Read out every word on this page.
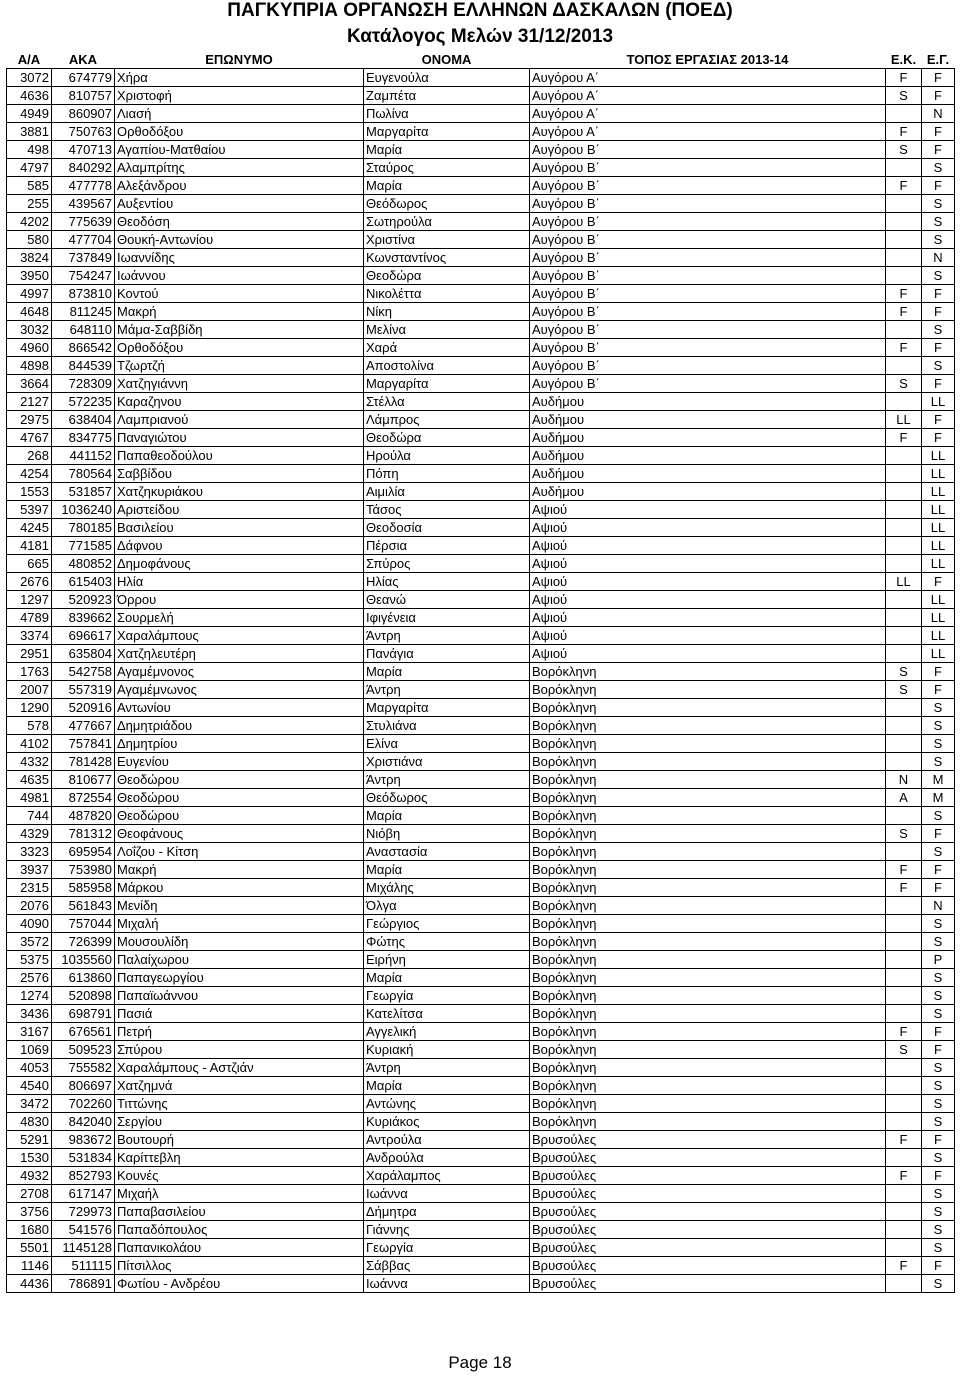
ΠΑΓΚΥΠΡΙΑ ΟΡΓΑΝΩΣΗ ΕΛΛΗΝΩΝ ΔΑΣΚΑΛΩΝ (ΠΟΕΔ)
Κατάλογος Μελών 31/12/2013
Α/Α	ΑΚΑ	ΕΠΩΝΥΜΟ	ΟΝΟΜΑ	ΤΟΠΟΣ ΕΡΓΑΣΙΑΣ 2013-14	Ε.Κ.	Ε.Γ.
3072	674779	Χήρα	Ευγενούλα	Αυγόρου Α΄	F	F
4636	810757	Χριστοφή	Ζαμπέτα	Αυγόρου Α΄	S	F
4949	860907	Λιασή	Πωλίνα	Αυγόρου Α΄		N
3881	750763	Ορθοδόξου	Μαργαρίτα	Αυγόρου Α΄	F	F
498	470713	Αγαπίου-Ματθαίου	Μαρία	Αυγόρου Β΄	S	F
4797	840292	Αλαμπρίτης	Σταύρος	Αυγόρου Β΄		S
585	477778	Αλεξάνδρου	Μαρία	Αυγόρου Β΄	F	F
255	439567	Αυξεντίου	Θεόδωρος	Αυγόρου Β΄		S
4202	775639	Θεοδόση	Σωτηρούλα	Αυγόρου Β΄		S
580	477704	Θουκή-Αντωνίου	Χριστίνα	Αυγόρου Β΄		S
3824	737849	Ιωαννίδης	Κωνσταντίνος	Αυγόρου Β΄		N
3950	754247	Ιωάννου	Θεοδώρα	Αυγόρου Β΄		S
4997	873810	Κοντού	Νικολέττα	Αυγόρου Β΄	F	F
4648	811245	Μακρή	Νίκη	Αυγόρου Β΄	F	F
3032	648110	Μάμα-Σαββίδη	Μελίνα	Αυγόρου Β΄		S
4960	866542	Ορθοδόξου	Χαρά	Αυγόρου Β΄	F	F
4898	844539	Τζωρτζή	Αποστολίνα	Αυγόρου Β΄		S
3664	728309	Χατζηγιάννη	Μαργαρίτα	Αυγόρου Β΄	S	F
2127	572235	Καραζηνου	Στέλλα	Αυδήμου		LL
2975	638404	Λαμπριανού	Λάμπρος	Αυδήμου	LL	F
4767	834775	Παναγιώτου	Θεοδώρα	Αυδήμου	F	F
268	441152	Παπαθεοδούλου	Ηρούλα	Αυδήμου		LL
4254	780564	Σαββίδου	Πόπη	Αυδήμου		LL
1553	531857	Χατζηκυριάκου	Αιμιλία	Αυδήμου		LL
5397	1036240	Αριστείδου	Τάσος	Αψιού		LL
4245	780185	Βασιλείου	Θεοδοσία	Αψιού		LL
4181	771585	Δάφνου	Πέρσια	Αψιού		LL
665	480852	Δημοφάνους	Σπύρος	Αψιού		LL
2676	615403	Ηλία	Ηλίας	Αψιού	LL	F
1297	520923	Όρρου	Θεανώ	Αψιού		LL
4789	839662	Σουρμελή	Ιφιγένεια	Αψιού		LL
3374	696617	Χαραλάμπους	Άντρη	Αψιού		LL
2951	635804	Χατζηλευτέρη	Πανάγια	Αψιού		LL
1763	542758	Αγαμέμνονος	Μαρία	Βορόκληνη	S	F
2007	557319	Αγαμέμνωνος	Άντρη	Βορόκληνη	S	F
1290	520916	Αντωνίου	Μαργαρίτα	Βορόκληνη		S
578	477667	Δημητριάδου	Στυλιάνα	Βορόκληνη		S
4102	757841	Δημητρίου	Ελίνα	Βορόκληνη		S
4332	781428	Ευγενίου	Χριστιάνα	Βορόκληνη		S
4635	810677	Θεοδώρου	Άντρη	Βορόκληνη	N	M
4981	872554	Θεοδώρου	Θεόδωρος	Βορόκληνη	A	M
744	487820	Θεοδώρου	Μαρία	Βορόκληνη		S
4329	781312	Θεοφάνους	Νιόβη	Βορόκληνη	S	F
3323	695954	Λοΐζου - Κίτση	Αναστασία	Βορόκληνη		S
3937	753980	Μακρή	Μαρία	Βορόκληνη	F	F
2315	585958	Μάρκου	Μιχάλης	Βορόκληνη	F	F
2076	561843	Μενίδη	Όλγα	Βορόκληνη		N
4090	757044	Μιχαλή	Γεώργιος	Βορόκληνη		S
3572	726399	Μουσουλίδη	Φώτης	Βορόκληνη		S
5375	1035560	Παλαίχωρου	Ειρήνη	Βορόκληνη		P
2576	613860	Παπαγεωργίου	Μαρία	Βορόκληνη		S
1274	520898	Παπαϊωάννου	Γεωργία	Βορόκληνη		S
3436	698791	Πασιά	Κατελίτσα	Βορόκληνη		S
3167	676561	Πετρή	Αγγελική	Βορόκληνη	F	F
1069	509523	Σπύρου	Κυριακή	Βορόκληνη	S	F
4053	755582	Χαραλάμπους - Αστζιάν	Άντρη	Βορόκληνη		S
4540	806697	Χατζημνά	Μαρία	Βορόκληνη		S
3472	702260	Τιττώνης	Αντώνης	Βορόκληνη		S
4830	842040	Σεργίου	Κυριάκος	Βορόκληνη		S
5291	983672	Βουτουρή	Αντρούλα	Βρυσούλες	F	F
1530	531834	Καρίττεβλη	Ανδρούλα	Βρυσούλες		S
4932	852793	Κουνές	Χαράλαμπος	Βρυσούλες	F	F
2708	617147	Μιχαήλ	Ιωάννα	Βρυσούλες		S
3756	729973	Παπαβασιλείου	Δήμητρα	Βρυσούλες		S
1680	541576	Παπαδόπουλος	Γιάννης	Βρυσούλες		S
5501	1145128	Παπανικολάου	Γεωργία	Βρυσούλες		S
1146	511115	Πίτσιλλος	Σάββας	Βρυσούλες	F	F
4436	786891	Φωτίου - Ανδρέου	Ιωάννα	Βρυσούλες		S
Page 18
